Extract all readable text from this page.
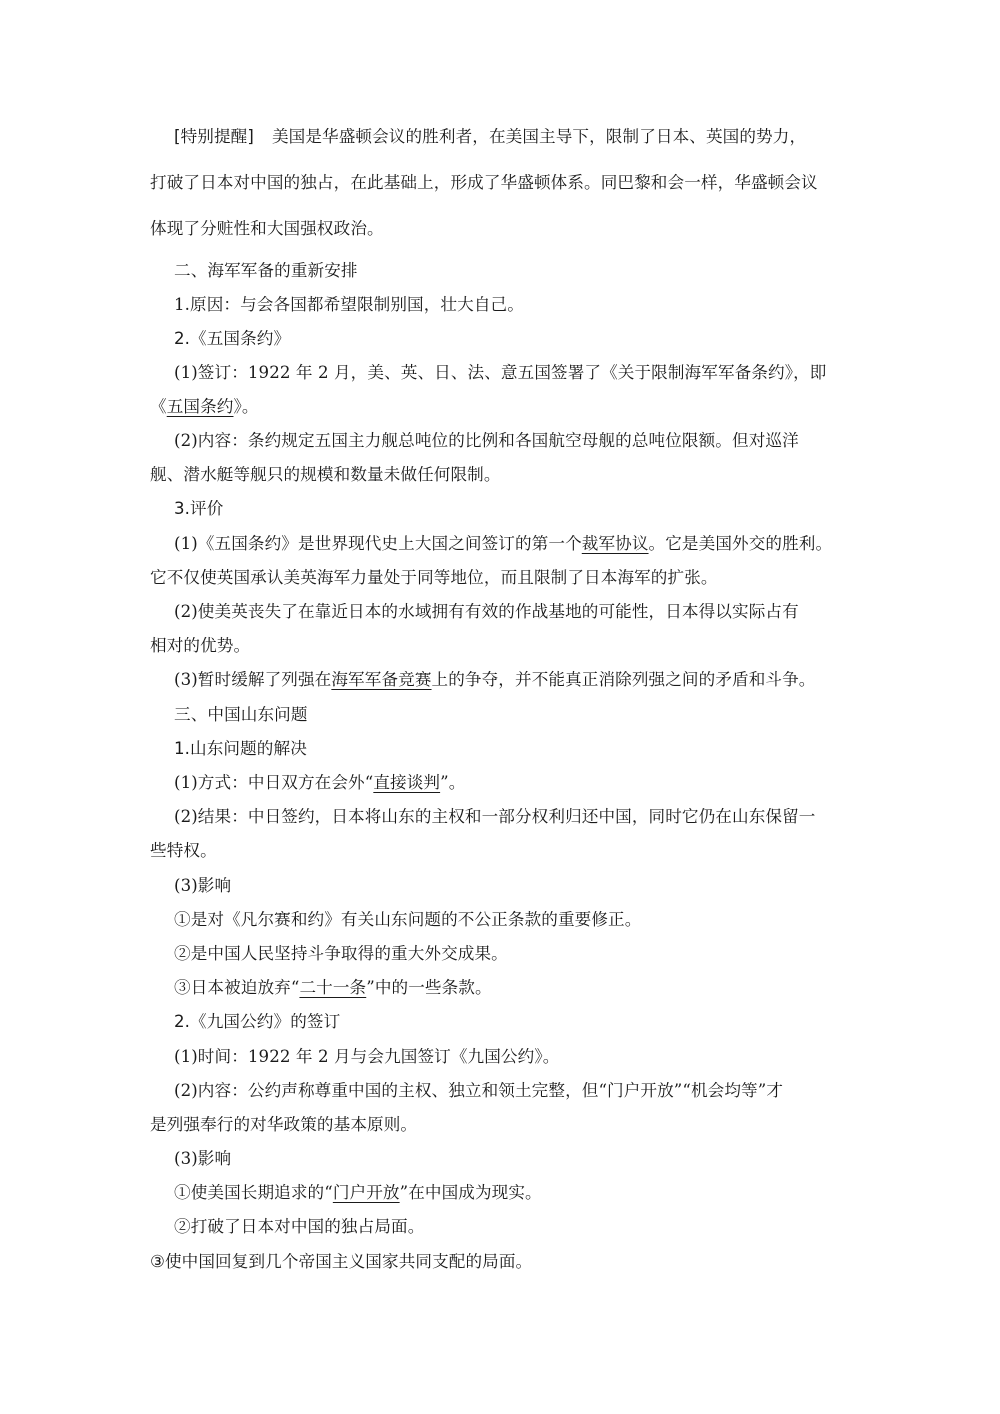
[特别提醒] 美国是华盛顿会议的胜利者，在美国主导下，限制了日本、英国的势力，
打破了日本对中国的独占，在此基础上，形成了华盛顿体系。同巴黎和会一样，华盛顿会议
体现了分赃性和大国强权政治。
二、海军军备的重新安排
1.原因：与会各国都希望限制别国，壮大自己。
2.《五国条约》
(1)签订：1922 年 2 月，美、英、日、法、意五国签署了《关于限制海军军备条约》，即
《五国条约》。
(2)内容：条约规定五国主力舰总吨位的比例和各国航空母舰的总吨位限额。但对巡洋
舰、潜水艇等舰只的规模和数量未做任何限制。
3.评价
(1)《五国条约》是世界现代史上大国之间签订的第一个裁军协议。它是美国外交的胜利。
它不仅使英国承认美英海军力量处于同等地位，而且限制了日本海军的扩张。
(2)使美英丧失了在靠近日本的水域拥有有效的作战基地的可能性，日本得以实际占有
相对的优势。
(3)暂时缓解了列强在海军军备竞赛上的争夺，并不能真正消除列强之间的矛盾和斗争。
三、中国山东问题
1.山东问题的解决
(1)方式：中日双方在会外“直接谈判”。
(2)结果：中日签约，日本将山东的主权和一部分权利归还中国，同时它仍在山东保留一
些特权。
(3)影响
①是对《凡尔赛和约》有关山东问题的不公正条款的重要修正。
②是中国人民坚持斗争取得的重大外交成果。
③日本被迫放弃“二十一条”中的一些条款。
2.《九国公约》的签订
(1)时间：1922 年 2 月与会九国签订《九国公约》。
(2)内容：公约声称尊重中国的主权、独立和领土完整，但“门户开放”“机会均等”才
是列强奉行的对华政策的基本原则。
(3)影响
①使美国长期追求的“门户开放”在中国成为现实。
②打破了日本对中国的独占局面。
③使中国回复到几个帝国主义国家共同支配的局面。
